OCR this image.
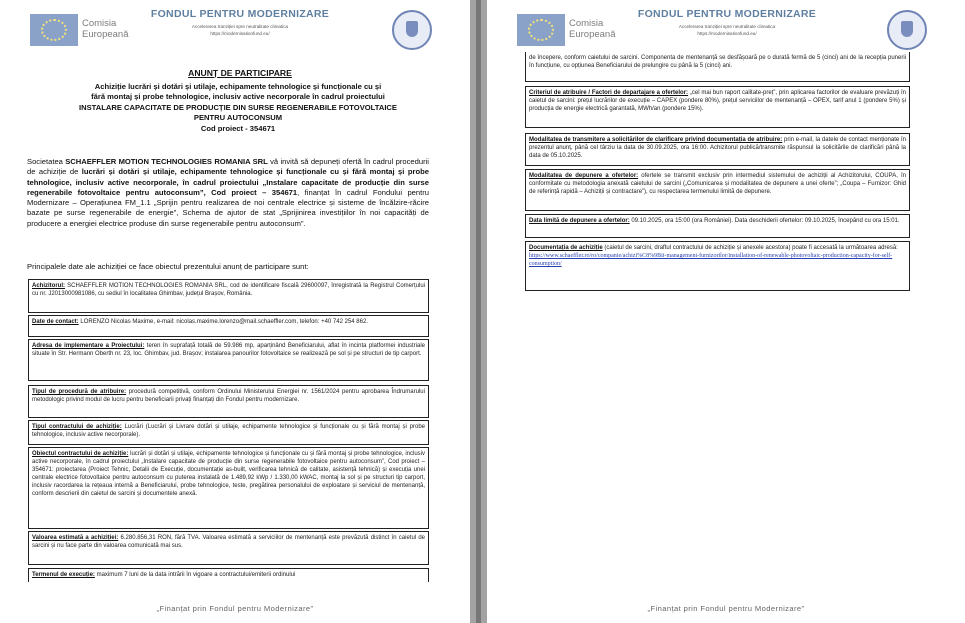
Comisia
Europeană
FONDUL PENTRU MODERNIZARE
Accelerarea tranziției spre neutralitate climatica
https://modernisationfund.eu/
ANUNȚ DE PARTICIPARE
Achiziție lucrări și dotări și utilaje, echipamente tehnologice și funcționale cu și
fără montaj și probe tehnologice, inclusiv active necorporale în cadrul proiectului
INSTALARE CAPACITATE DE PRODUCȚIE DIN SURSE REGENERABILE FOTOVOLTAICE
PENTRU AUTOCONSUM
Cod proiect - 354671
Societatea SCHAEFFLER MOTION TECHNOLOGIES ROMANIA SRL vă invită să depuneți ofertă în cadrul procedurii de achiziție de lucrări și dotări și utilaje, echipamente tehnologice și funcționale cu și fără montaj și probe tehnologice, inclusiv active necorporale, în cadrul proiectului „Instalare capacitate de producție din surse regenerabile fotovoltaice pentru autoconsum”, Cod proiect – 354671, finanțat în cadrul Fondului pentru Modernizare – Operațiunea FM_1.1 „Sprijin pentru realizarea de noi centrale electrice și sisteme de încălzire-răcire bazate pe surse regenerabile de energie”, Schema de ajutor de stat „Sprijinirea investițiilor în noi capacități de producere a energiei electrice produse din surse regenerabile pentru autoconsum”.
Principalele date ale achiziției ce face obiectul prezentului anunț de participare sunt:
Achizitorul: SCHAEFFLER MOTION TECHNOLOGIES ROMANIA SRL, cod de identificare fiscală 29600097, înregistrată la Registrul Comerțului cu nr. J2013000981086, cu sediul în localitatea Ghimbav, județul Brașov, România.
Date de contact: LORENZO Nicolas Maxime, e-mail: nicolas.maxime.lorenzo@mail.schaeffler.com, telefon: +40 742 254 862.
Adresa de implementare a Proiectului: teren în suprafață totală de 59.986 mp, aparținând Beneficiarului, aflat în incinta platformei industriale situate în Str. Hermann Oberth nr. 23, loc. Ghimbav, jud. Brașov; instalarea panourilor fotovoltaice se realizează pe sol și pe structuri de tip carport.
Tipul de procedură de atribuire: procedură competitivă, conform Ordinului Ministerului Energiei nr. 1561/2024 pentru aprobarea Îndrumarului metodologic privind modul de lucru pentru beneficiarii privați finanțați din Fondul pentru modernizare.
Tipul contractului de achiziție: Lucrări (Lucrări și Livrare dotări și utilaje, echipamente tehnologice și funcționale cu și fără montaj și probe tehnologice, inclusiv active necorporale).
Obiectul contractului de achiziție: lucrări și dotări și utilaje, echipamente tehnologice și funcționale cu și fără montaj și probe tehnologice, inclusiv active necorporale, în cadrul proiectului „Instalare capacitate de producție din surse regenerabile fotovoltaice pentru autoconsum”, Cod proiect – 354671: proiectarea (Proiect Tehnic, Detalii de Execuție, documentație as-built, verificarea tehnică de calitate, asistență tehnică) și execuția unei centrale electrice fotovoltaice pentru autoconsum cu puterea instalată de 1.489,92 kWp / 1.330,00 kWAC, montaj la sol și pe structuri tip carport, inclusiv racordarea la rețeaua internă a Beneficiarului, probe tehnologice, teste, pregătirea personalului de exploatare și serviciul de mentenanță, conform descrierii din caietul de sarcini și documentele anexă.
Valoarea estimată a achiziției: 6.280.856,31 RON, fără TVA. Valoarea estimată a serviciilor de mentenanță este prevăzută distinct în caietul de sarcini și nu face parte din valoarea comunicată mai sus.
Termenul de execuție: maximum 7 luni de la data intrării în vigoare a contractului/emiterii ordinului
„Finanțat prin Fondul pentru Modernizare”
Comisia
Europeană
FONDUL PENTRU MODERNIZARE
Accelerarea tranziției spre neutralitate climatica
https://modernisationfund.eu/
de începere, conform caietului de sarcini. Componenta de mentenanță se desfășoară pe o durată fermă de 5 (cinci) ani de la recepția punerii în funcțiune, cu opțiunea Beneficiarului de prelungire cu până la 5 (cinci) ani.
Criteriul de atribuire / Factori de departajare a ofertelor: „cel mai bun raport calitate-preț”, prin aplicarea factorilor de evaluare prevăzuți în caietul de sarcini: prețul lucrărilor de execuție – CAPEX (pondere 80%), prețul serviciilor de mentenanță – OPEX, tarif anul 1 (pondere 5%) și producția de energie electrică garantată, MWh/an (pondere 15%).
Modalitatea de transmitere a solicitărilor de clarificare privind documentația de atribuire: prin e-mail, la datele de contact menționate în prezentul anunț, până cel târziu la data de 30.09.2025, ora 16:00. Achizitorul publică/transmite răspunsul la solicitările de clarificări până la data de 05.10.2025.
Modalitatea de depunere a ofertelor: ofertele se transmit exclusiv prin intermediul sistemului de achiziții al Achizitorului, COUPA, în conformitate cu metodologia anexată caietului de sarcini („Comunicarea și modalitatea de depunere a unei oferte”; „Coupa – Furnizor: Ghid de referință rapidă – Achiziții și contractare”), cu respectarea termenului limită de depunere.
Data limită de depunere a ofertelor: 09.10.2025, ora 15:00 (ora României). Data deschiderii ofertelor: 09.10.2025, începând cu ora 15:01.
Documentația de achiziție (caietul de sarcini, draftul contractului de achiziție și anexele acestora) poate fi accesată la următoarea adresă:
https://www.schaeffler.ro/ro/companie/achizi%C8%9Bii-management-furnizorilor/installation-of-renewable-photovoltaic-production-capacity-for-self-consumption/
„Finanțat prin Fondul pentru Modernizare”
